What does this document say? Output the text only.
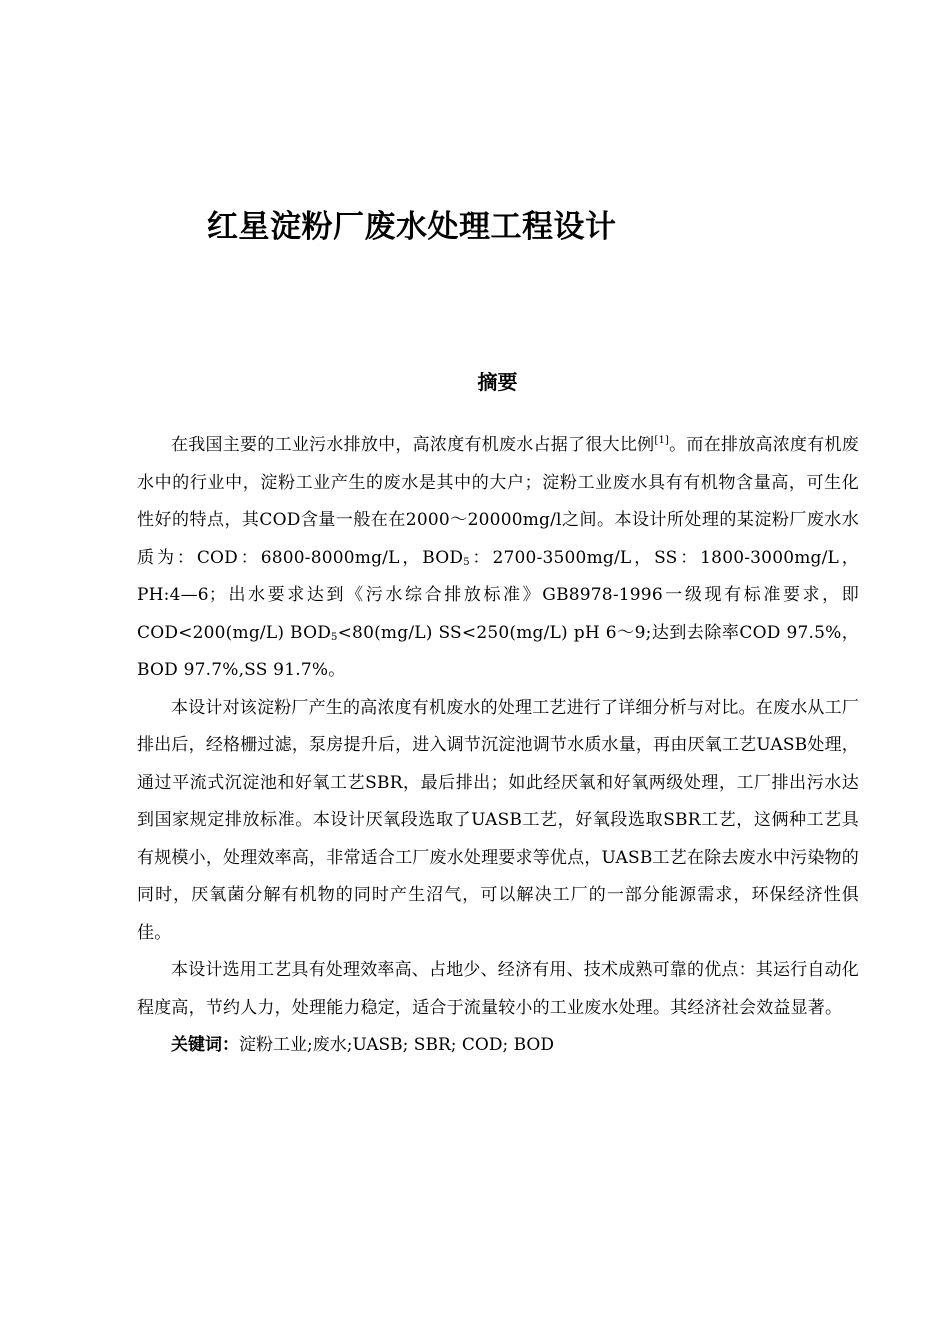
红星淀粉厂废水处理工程设计
摘要

在我国主要的工业污水排放中，高浓度有机废水占据了很大比例[1]。而在排放高浓度有机废水中的行业中，淀粉工业产生的废水是其中的大户；淀粉工业废水具有有机物含量高，可生化性好的特点，其COD含量一般在在2000～20000mg/l之间。本设计所处理的某淀粉厂废水水质为：COD：6800-8000mg/L，$BOD_5$：2700-3500mg/L，SS：1800-3000mg/L，PH:4—6；出水要求达到《污水综合排放标准》GB8978-1996一级现有标准要求，即COD<200(mg/L) $BOD_5<80(mg/L)$ SS<250(mg/L) pH 6～9;达到去除率COD 97.5%，BOD 97.7%,SS 91.7%。

本设计对该淀粉厂产生的高浓度有机废水的处理工艺进行了详细分析与对比。在废水从工厂排出后，经格栅过滤，泵房提升后，进入调节沉淀池调节水质水量，再由厌氧工艺UASB处理，通过平流式沉淀池和好氧工艺SBR，最后排出；如此经厌氧和好氧两级处理，工厂排出污水达到国家规定排放标准。本设计厌氧段选取了UASB工艺，好氧段选取SBR工艺，这俩种工艺具有规模小，处理效率高，非常适合工厂废水处理要求等优点，UASB工艺在除去废水中污染物的同时，厌氧菌分解有机物的同时产生沼气，可以解决工厂的一部分能源需求，环保经济性俱佳。

本设计选用工艺具有处理效率高、占地少、经济有用、技术成熟可靠的优点：其运行自动化程度高，节约人力，处理能力稳定，适合于流量较小的工业废水处理。其经济社会效益显著。

关键词：淀粉工业;废水;UASB; SBR; COD; BOD
